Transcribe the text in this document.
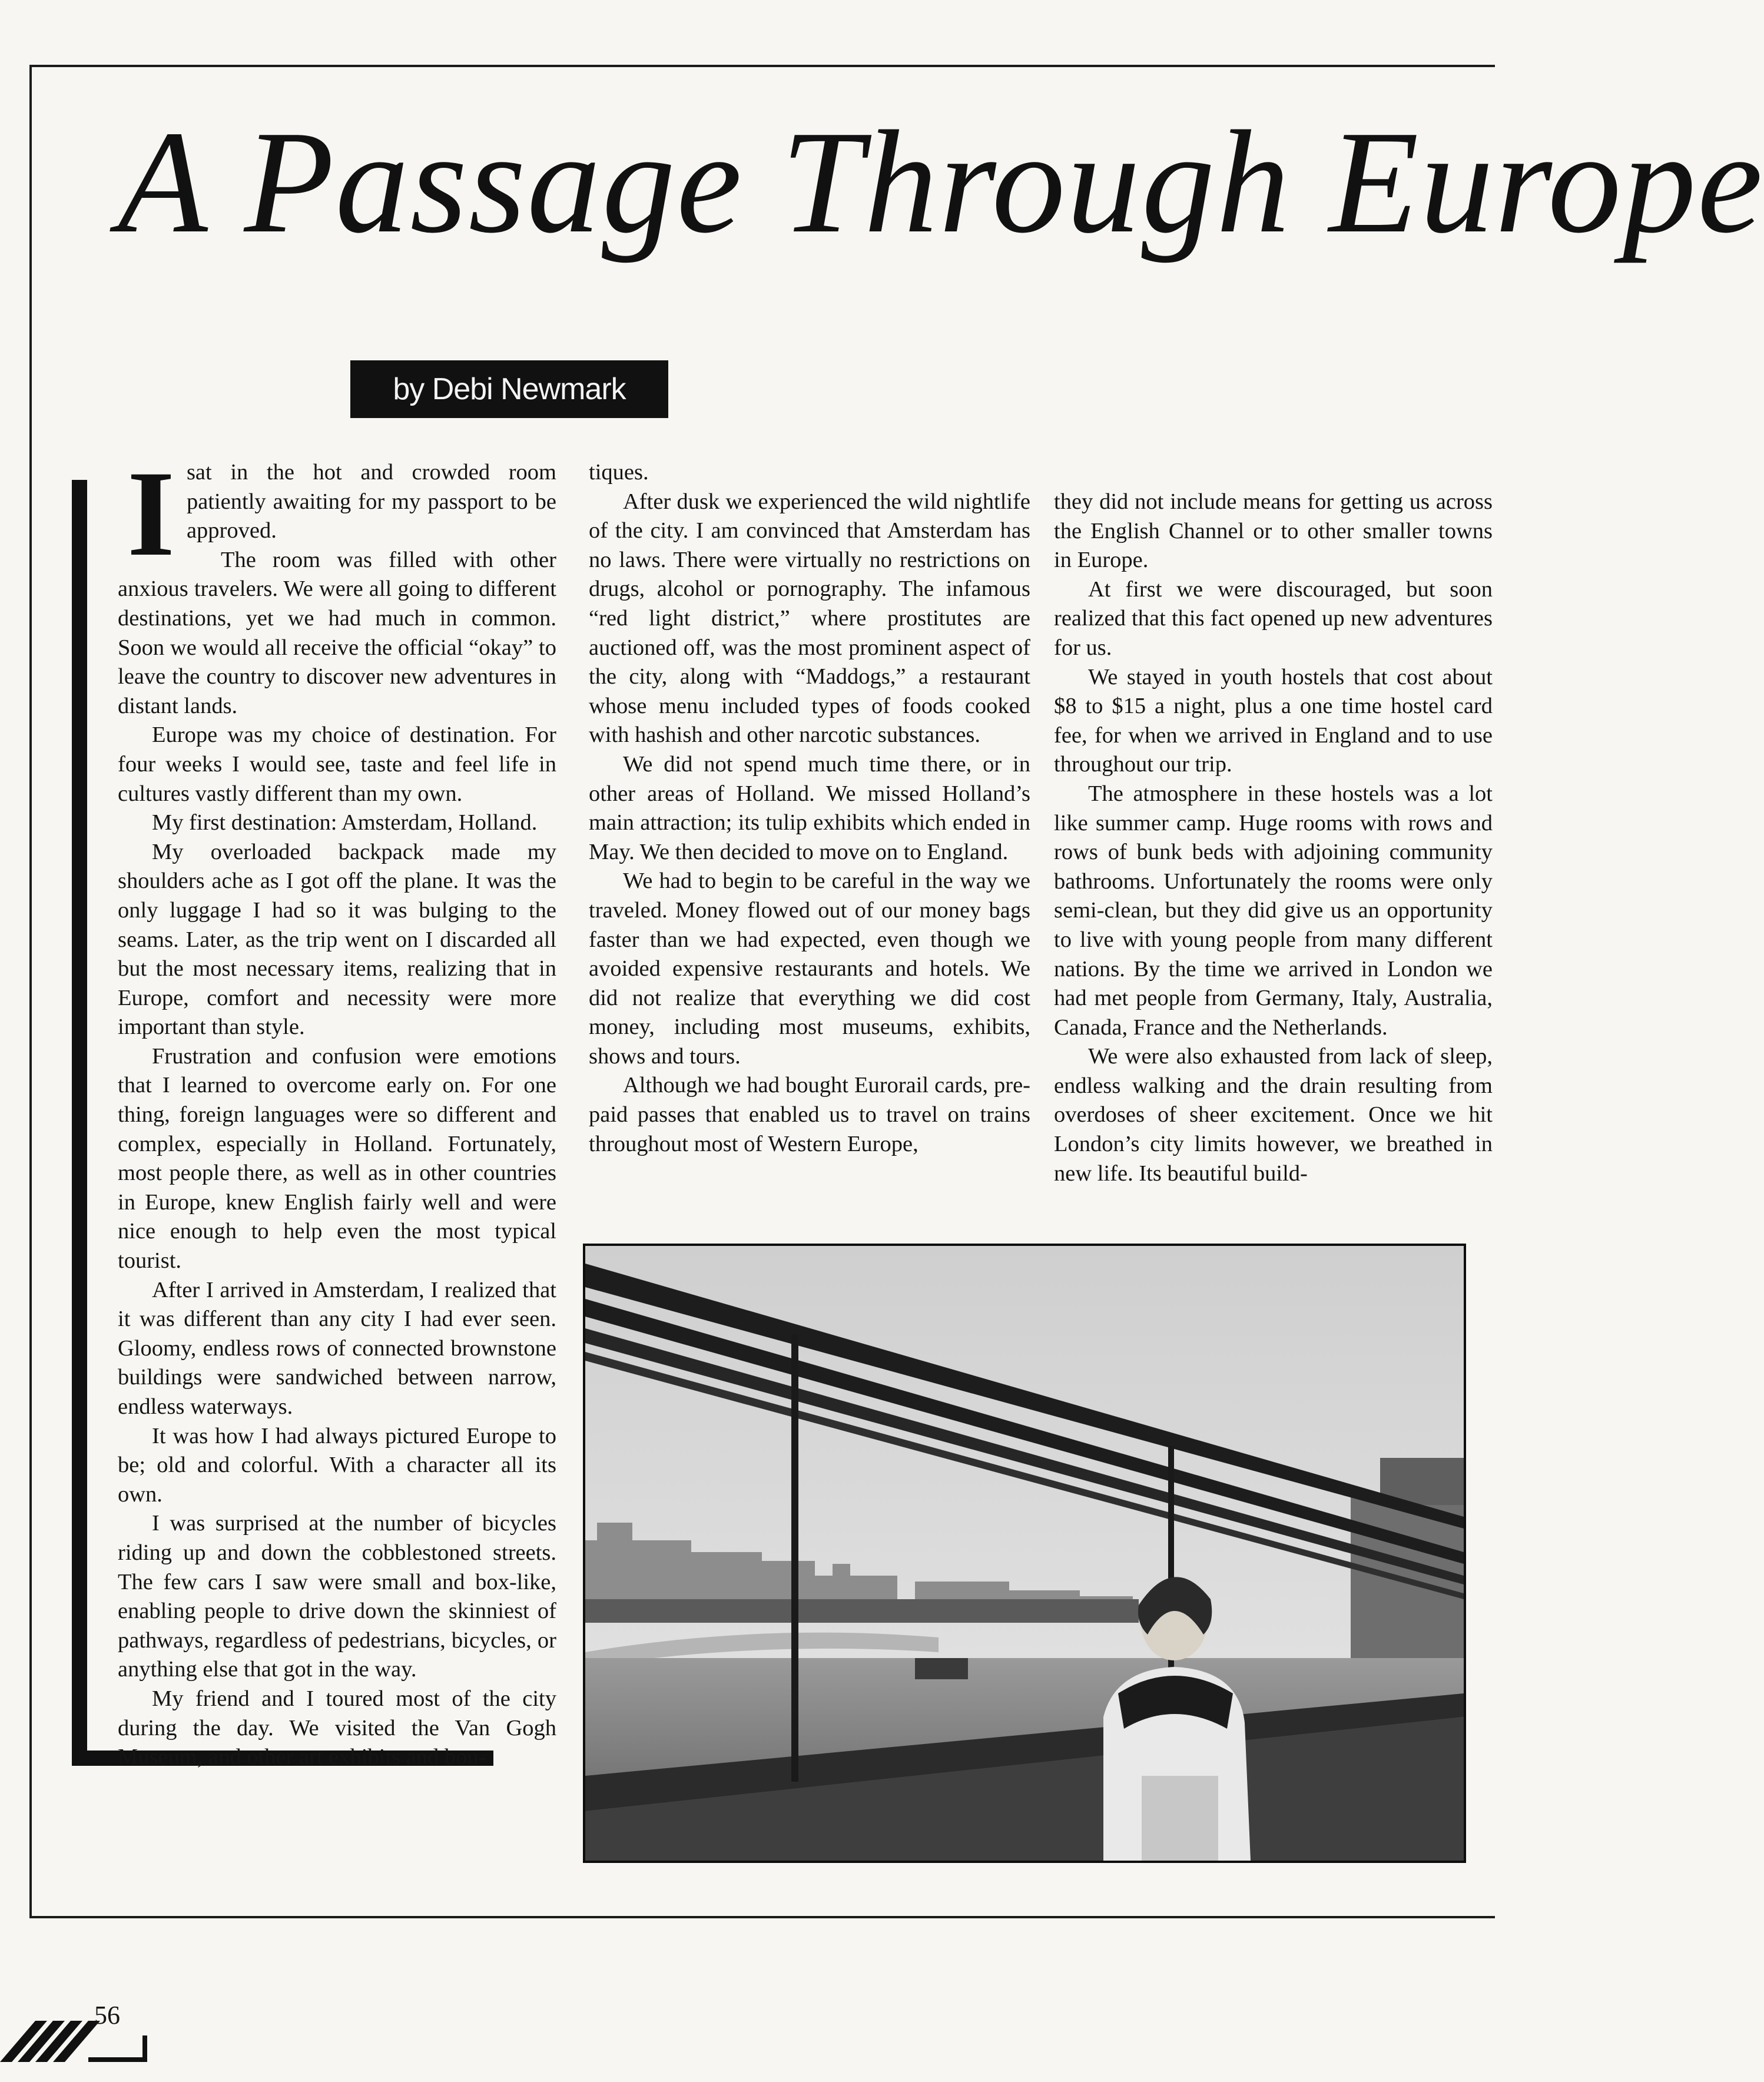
A Passage Through Europe
by Debi Newmark

Isat in the hot and crowded room patiently awaiting for my passport to be approved.

The room was filled with other anxious travelers. We were all going to different destinations, yet we had much in common. Soon we would all receive the official “okay” to leave the country to discover new adventures in distant lands.

Europe was my choice of destination. For four weeks I would see, taste and feel life in cultures vastly different than my own.

My first destination: Amsterdam, Holland.

My overloaded backpack made my shoulders ache as I got off the plane. It was the only luggage I had so it was bulging to the seams. Later, as the trip went on I discarded all but the most necessary items, realizing that in Europe, comfort and necessity were more important than style.

Frustration and confusion were emotions that I learned to overcome early on. For one thing, foreign languages were so different and complex, especially in Holland. Fortunately, most people there, as well as in other countries in Europe, knew English fairly well and were nice enough to help even the most typical tourist.

After I arrived in Amsterdam, I realized that it was different than any city I had ever seen. Gloomy, endless rows of connected brownstone buildings were sandwiched between narrow, endless waterways.

It was how I had always pictured Europe to be; old and colorful. With a character all its own.

I was surprised at the number of bicycles riding up and down the cobblestoned streets. The few cars I saw were small and box-like, enabling people to drive down the skinniest of pathways, regardless of pedestrians, bicycles, or anything else that got in the way.

My friend and I toured most of the city during the day. We visited the Van Gogh Museum, and other art exhibits and bou-

tiques.

After dusk we experienced the wild nightlife of the city. I am convinced that Amsterdam has no laws. There were virtually no restrictions on drugs, alcohol or pornography. The infamous “red light district,” where prostitutes are auctioned off, was the most prominent aspect of the city, along with “Maddogs,” a restaurant whose menu included types of foods cooked with hashish and other narcotic substances.

We did not spend much time there, or in other areas of Holland. We missed Holland’s main attraction; its tulip exhibits which ended in May. We then decided to move on to England.

We had to begin to be careful in the way we traveled. Money flowed out of our money bags faster than we had expected, even though we avoided expensive restaurants and hotels. We did not realize that everything we did cost money, including most museums, exhibits, shows and tours.

Although we had bought Eurorail cards, pre-paid passes that enabled us to travel on trains throughout most of Western Europe,

they did not include means for getting us across the English Channel or to other smaller towns in Europe.

At first we were discouraged, but soon realized that this fact opened up new adventures for us.

We stayed in youth hostels that cost about $8 to $15 a night, plus a one time hostel card fee, for when we arrived in England and to use throughout our trip.

The atmosphere in these hostels was a lot like summer camp. Huge rooms with rows and rows of bunk beds with adjoining community bathrooms. Unfortunately the rooms were only semi-clean, but they did give us an opportunity to live with young people from many different nations. By the time we arrived in London we had met people from Germany, Italy, Australia, Canada, France and the Netherlands.

We were also exhausted from lack of sleep, endless walking and the drain resulting from overdoses of sheer excitement. Once we hit London’s city limits however, we breathed in new life. Its beautiful build-

56
